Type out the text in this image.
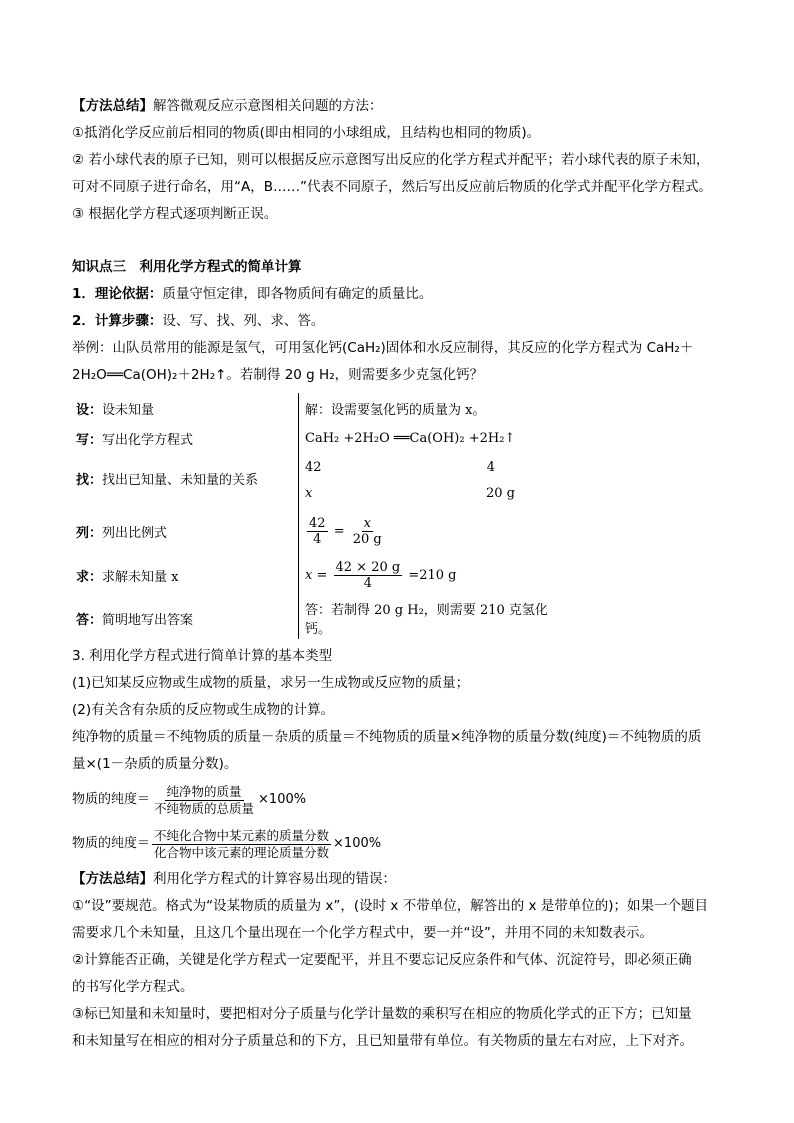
【方法总结】解答微观反应示意图相关问题的方法：
①抵消化学反应前后相同的物质(即由相同的小球组成，且结构也相同的物质)。
② 若小球代表的原子已知，则可以根据反应示意图写出反应的化学方程式并配平；若小球代表的原子未知，
可对不同原子进行命名，用“A，B……”代表不同原子，然后写出反应前后物质的化学式并配平化学方程式。
③ 根据化学方程式逐项判断正误。
知识点三　利用化学方程式的简单计算
1．理论依据：质量守恒定律，即各物质间有确定的质量比。
2．计算步骤：设、写、找、列、求、答。
举例：山队员常用的能源是氢气，可用氢化钙(CaH₂)固体和水反应制得，其反应的化学方程式为 CaH₂＋
2H₂O══Ca(OH)₂＋2H₂↑。若制得 20 g H₂，则需要多少克氢化钙？
设：设未知量	解：设需要氢化钙的质量为 x。
写：写出化学方程式	CaH₂ +2H₂O ══Ca(OH)₂ +2H₂↑
找：找出已知量、未知量的关系	42 4
x 20 g

列：列出比例式	$\frac{42}{4} = \frac{x}{20 g}$

求：求解未知量 x	$x = \frac{42 \times 20 g}{4} =210$ g
答：简明地写出答案	答：若制得 20 g H₂，则需要 210 克氢化钙。
3. 利用化学方程式进行简单计算的基本类型
(1)已知某反应物或生成物的质量，求另一生成物或反应物的质量；
(2)有关含有杂质的反应物或生成物的计算。
纯净物的质量＝不纯物质的质量－杂质的质量＝不纯物质的质量×纯净物的质量分数(纯度)＝不纯物质的质
量×(1－杂质的质量分数)。
物质的纯度＝ $\frac{\text{纯净物的质量}}{\text{不纯物质的总质量}} \times 100\%$
物质的纯度＝ $\frac{\text{不纯化合物中某元素的质量分数}}{\text{化合物中该元素的理论质量分数}} \times 100\%$
【方法总结】利用化学方程式的计算容易出现的错误：
①“设”要规范。格式为“设某物质的质量为 x”，(设时 x 不带单位，解答出的 x 是带单位的)；如果一个题目
需要求几个未知量，且这几个量出现在一个化学方程式中，要一并“设”，并用不同的未知数表示。
②计算能否正确，关键是化学方程式一定要配平，并且不要忘记反应条件和气体、沉淀符号，即必须正确
的书写化学方程式。
③标已知量和未知量时，要把相对分子质量与化学计量数的乘积写在相应的物质化学式的正下方；已知量
和未知量写在相应的相对分子质量总和的下方，且已知量带有单位。有关物质的量左右对应，上下对齐。
